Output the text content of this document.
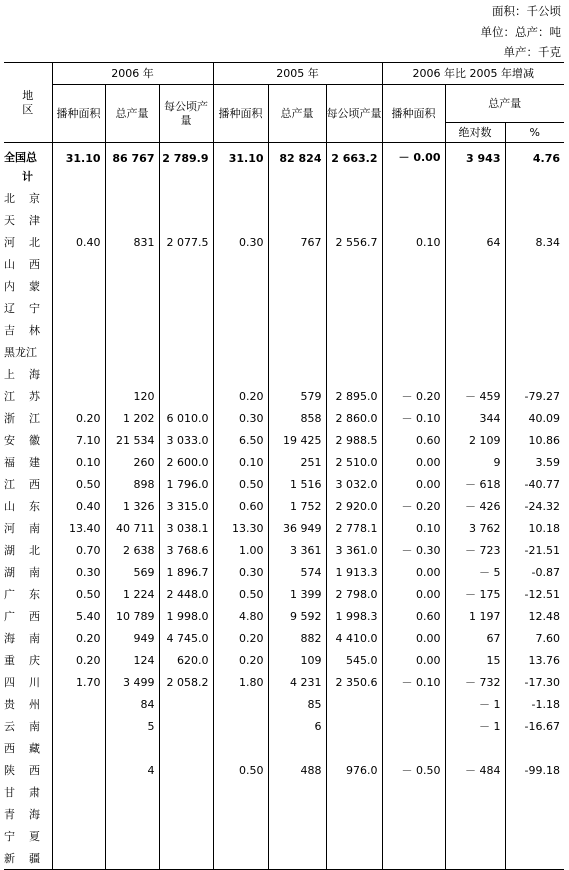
面积：千公顷
单位：总产：吨
单产：千克
地
区	2006 年			2005 年			2006 年比 2005 年增减		
	播种面积	总产量	每公顷产量	播种面积	总产量	每公顷产量	播种面积	总产量	
								绝对数	%
全国总	31.10	86 767	2 789.9	31.10	82 824	2 663.2	－ 0.00	3 943	4.76
计									

北 京									

天 津									

河 北	0.40	831	2 077.5	0.30	767	2 556.7	0.10	64	8.34

山 西									

内 蒙									

辽 宁									

吉 林									

黑龙江									

上 海									

江 苏		120		0.20	579	2 895.0	－ 0.20	－ 459	-79.27

浙 江	0.20	1 202	6 010.0	0.30	858	2 860.0	－ 0.10	344	40.09

安 徽	7.10	21 534	3 033.0	6.50	19 425	2 988.5	0.60	2 109	10.86

福 建	0.10	260	2 600.0	0.10	251	2 510.0	0.00	9	3.59

江 西	0.50	898	1 796.0	0.50	1 516	3 032.0	0.00	－ 618	-40.77

山 东	0.40	1 326	3 315.0	0.60	1 752	2 920.0	－ 0.20	－ 426	-24.32

河 南	13.40	40 711	3 038.1	13.30	36 949	2 778.1	0.10	3 762	10.18

湖 北	0.70	2 638	3 768.6	1.00	3 361	3 361.0	－ 0.30	－ 723	-21.51

湖 南	0.30	569	1 896.7	0.30	574	1 913.3	0.00	－ 5	-0.87

广 东	0.50	1 224	2 448.0	0.50	1 399	2 798.0	0.00	－ 175	-12.51

广 西	5.40	10 789	1 998.0	4.80	9 592	1 998.3	0.60	1 197	12.48

海 南	0.20	949	4 745.0	0.20	882	4 410.0	0.00	67	7.60

重 庆	0.20	124	620.0	0.20	109	545.0	0.00	15	13.76

四 川	1.70	3 499	2 058.2	1.80	4 231	2 350.6	－ 0.10	－ 732	-17.30

贵 州		84			85			－ 1	-1.18

云 南		5			6			－ 1	-16.67

西 藏									

陕 西		4		0.50	488	976.0	－ 0.50	－ 484	-99.18

甘 肃									

青 海									

宁 夏									

新 疆									
